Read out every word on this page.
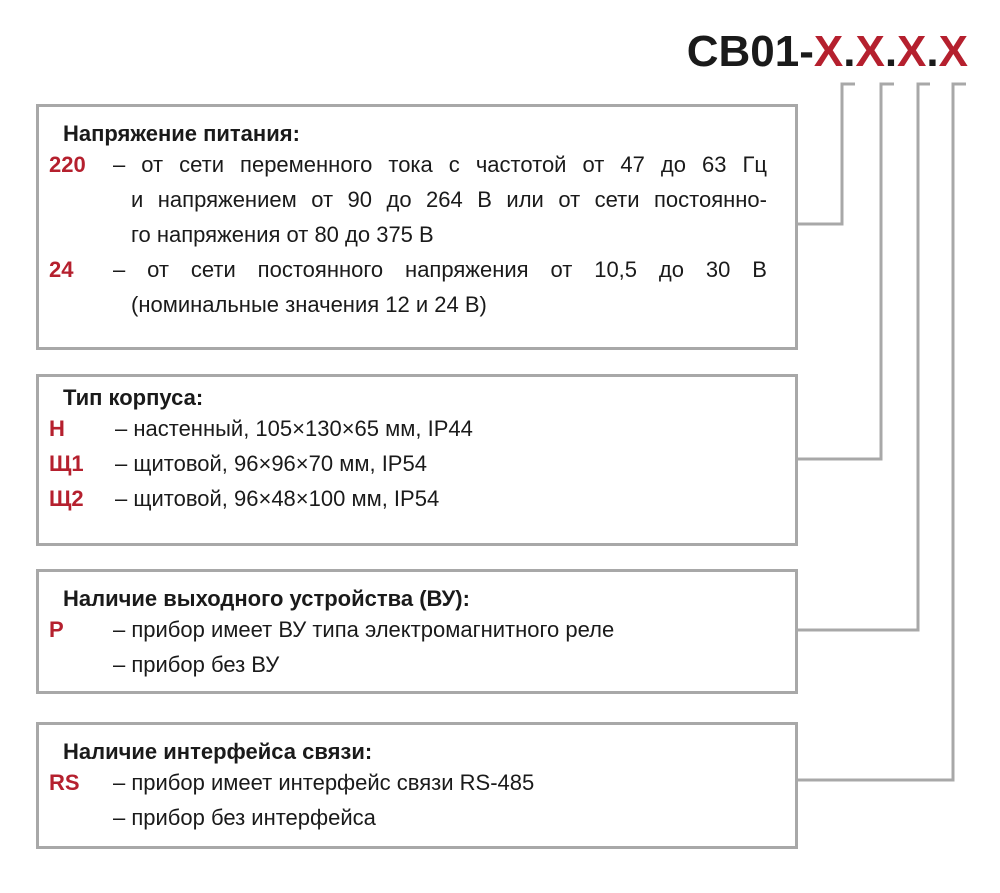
СВ01-Х.Х.Х.Х
Напряжение питания:
220	– от сети переменного тока с частотой от 47 до 63 Гц
и напряжением от 90 до 264 В или от сети постоянно-
го напряжения от 80 до 375 В
24	– от сети постоянного напряжения от 10,5 до 30 В
(номинальные значения 12 и 24 В)
Тип корпуса:
Н	– настенный, 105×130×65 мм, IP44
Щ1	– щитовой, 96×96×70 мм, IP54
Щ2	– щитовой, 96×48×100 мм, IP54
Наличие выходного устройства (ВУ):
Р	– прибор имеет ВУ типа электромагнитного реле
– прибор без ВУ
Наличие интерфейса связи:
RS	– прибор имеет интерфейс связи RS-485
– прибор без интерфейса
